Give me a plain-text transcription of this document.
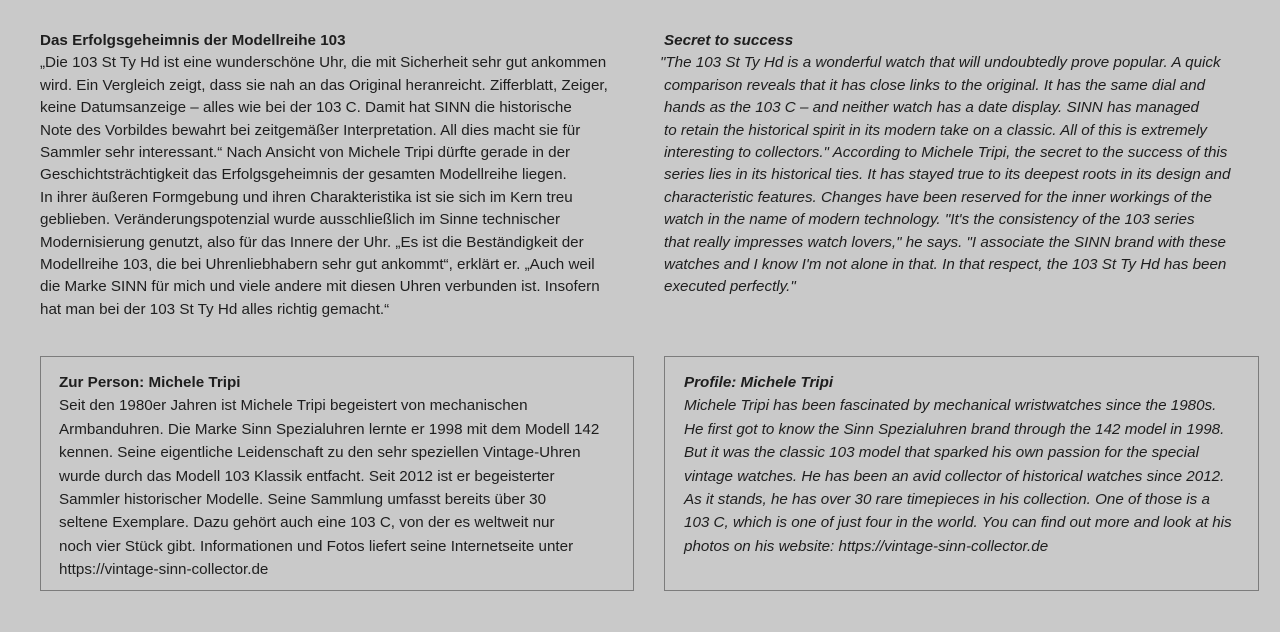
Das Erfolgsgeheimnis der Modellreihe 103
„Die 103 St Ty Hd ist eine wunderschöne Uhr, die mit Sicherheit sehr gut ankommen
wird. Ein Vergleich zeigt, dass sie nah an das Original heranreicht. Zifferblatt, Zeiger,
keine Datumsanzeige – alles wie bei der 103 C. Damit hat SINN die historische
Note des Vorbildes bewahrt bei zeitgemäßer Interpretation. All dies macht sie für
Sammler sehr interessant.“ Nach Ansicht von Michele Tripi dürfte gerade in der
Geschichtsträchtigkeit das Erfolgsgeheimnis der gesamten Modellreihe liegen.
In ihrer äußeren Formgebung und ihren Charakteristika ist sie sich im Kern treu
geblieben. Veränderungspotenzial wurde ausschließlich im Sinne technischer
Modernisierung genutzt, also für das Innere der Uhr. „Es ist die Beständigkeit der
Modellreihe 103, die bei Uhrenliebhabern sehr gut ankommt“, erklärt er. „Auch weil
die Marke SINN für mich und viele andere mit diesen Uhren verbunden ist. Insofern
hat man bei der 103 St Ty Hd alles richtig gemacht.“
Secret to success
"The 103 St Ty Hd is a wonderful watch that will undoubtedly prove popular. A quick
comparison reveals that it has close links to the original. It has the same dial and
hands as the 103 C – and neither watch has a date display. SINN has managed
to retain the historical spirit in its modern take on a classic. All of this is extremely
interesting to collectors." According to Michele Tripi, the secret to the success of this
series lies in its historical ties. It has stayed true to its deepest roots in its design and
characteristic features. Changes have been reserved for the inner workings of the
watch in the name of modern technology. "It's the consistency of the 103 series
that really impresses watch lovers," he says. "I associate the SINN brand with these
watches and I know I'm not alone in that. In that respect, the 103 St Ty Hd has been
executed perfectly."
Zur Person: Michele Tripi
Seit den 1980er Jahren ist Michele Tripi begeistert von mechanischen
Armbanduhren. Die Marke Sinn Spezialuhren lernte er 1998 mit dem Modell 142
kennen. Seine eigentliche Leidenschaft zu den sehr speziellen Vintage-Uhren
wurde durch das Modell 103 Klassik entfacht. Seit 2012 ist er begeisterter
Sammler historischer Modelle. Seine Sammlung umfasst bereits über 30
seltene Exemplare. Dazu gehört auch eine 103 C, von der es weltweit nur
noch vier Stück gibt. Informationen und Fotos liefert seine Internetseite unter
https://vintage-sinn-collector.de
Profile: Michele Tripi
Michele Tripi has been fascinated by mechanical wristwatches since the 1980s.
He first got to know the Sinn Spezialuhren brand through the 142 model in 1998.
But it was the classic 103 model that sparked his own passion for the special
vintage watches. He has been an avid collector of historical watches since 2012.
As it stands, he has over 30 rare timepieces in his collection. One of those is a
103 C, which is one of just four in the world. You can find out more and look at his
photos on his website: https://vintage-sinn-collector.de
